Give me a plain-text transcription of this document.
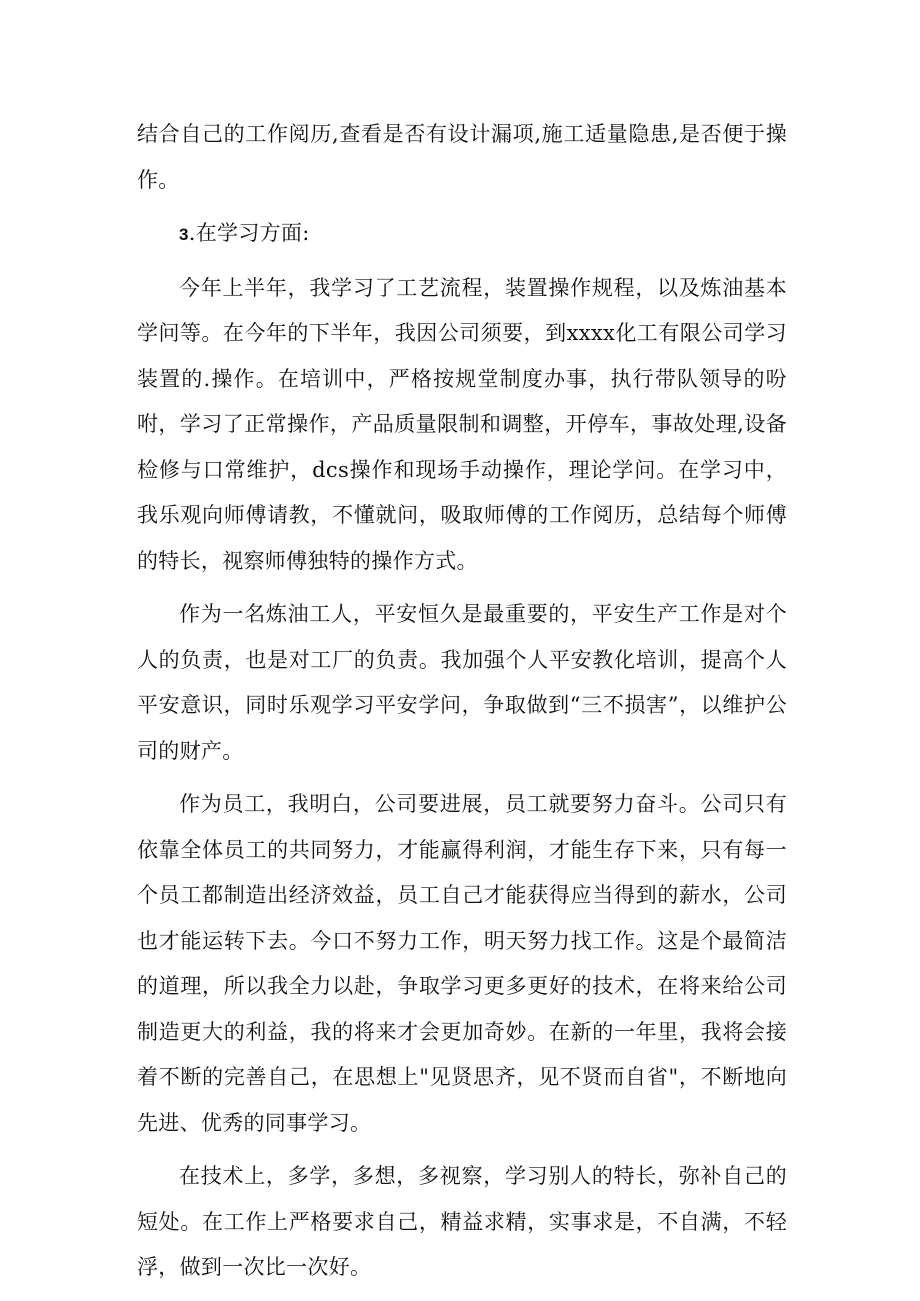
结合自己的工作阅历,查看是否有设计漏项,施工适量隐患,是否便于操作。

3.在学习方面:

今年上半年，我学习了工艺流程，装置操作规程，以及炼油基本学问等。在今年的下半年，我因公司须要，到xxxx化工有限公司学习装置的.操作。在培训中，严格按规堂制度办事，执行带队领导的吩咐，学习了正常操作，产品质量限制和调整，开停车，事故处理,设备检修与口常维护，dcs操作和现场手动操作，理论学问。在学习中，我乐观向师傅请教，不懂就问，吸取师傅的工作阅历，总结每个师傅的特长，视察师傅独特的操作方式。

作为一名炼油工人，平安恒久是最重要的，平安生产工作是对个人的负责，也是对工厂的负责。我加强个人平安教化培训，提高个人平安意识，同时乐观学习平安学问，争取做到“三不损害”，以维护公司的财产。

作为员工，我明白，公司要进展，员工就要努力奋斗。公司只有依靠全体员工的共同努力，才能赢得利润，才能生存下来，只有每一个员工都制造出经济效益，员工自己才能获得应当得到的薪水，公司也才能运转下去。今口不努力工作，明天努力找工作。这是个最简洁的道理，所以我全力以赴，争取学习更多更好的技术，在将来给公司制造更大的利益，我的将来才会更加奇妙。在新的一年里，我将会接着不断的完善自己，在思想上"见贤思齐，见不贤而自省"，不断地向先进、优秀的同事学习。

在技术上，多学，多想，多视察，学习别人的特长，弥补自己的短处。在工作上严格要求自己，精益求精，实事求是，不自满，不轻浮，做到一次比一次好。
